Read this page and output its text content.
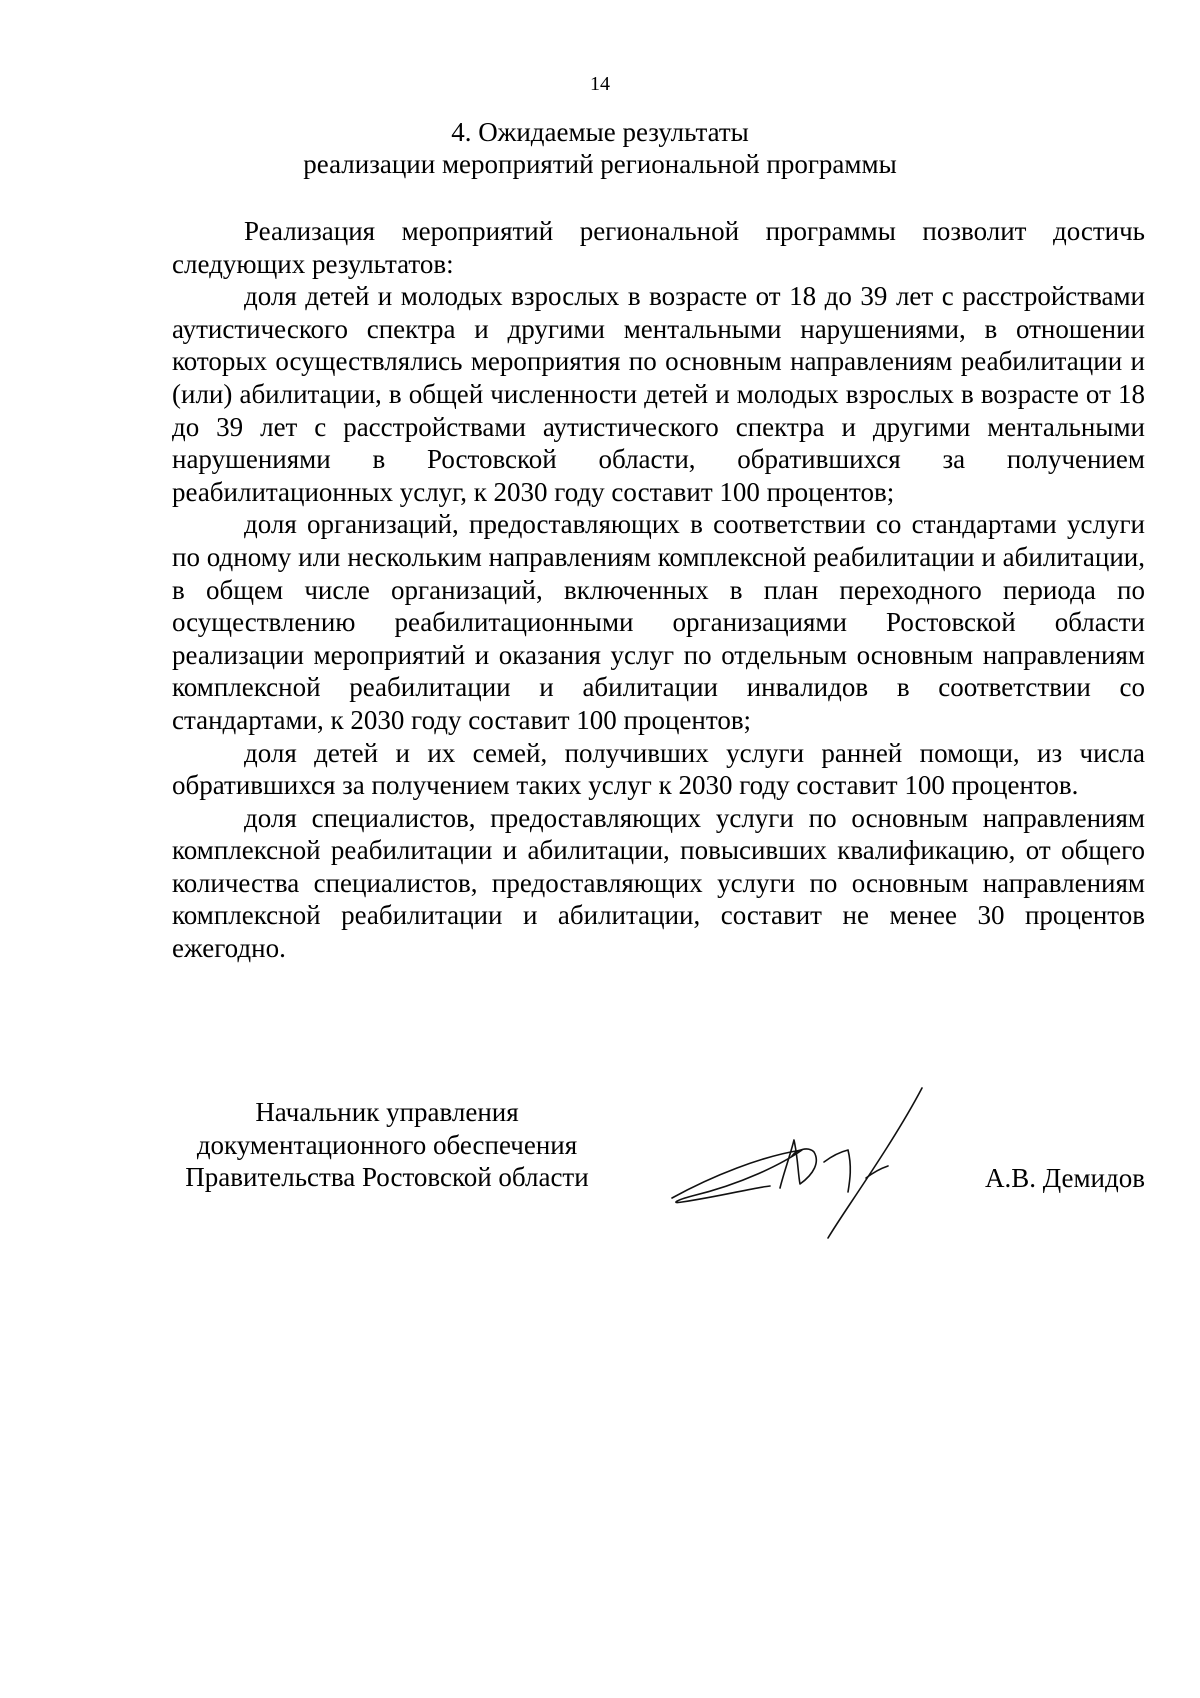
14

4. Ожидаемые результаты
реализации мероприятий региональной программы

Реализация мероприятий региональной программы позволит достичь следующих результатов:

доля детей и молодых взрослых в возрасте от 18 до 39 лет с расстройствами аутистического спектра и другими ментальными нарушениями, в отношении которых осуществлялись мероприятия по основным направлениям реабилитации и (или) абилитации, в общей численности детей и молодых взрослых в возрасте от 18 до 39 лет с расстройствами аутистического спектра и другими ментальными нарушениями в Ростовской области, обратившихся за получением реабилитационных услуг, к 2030 году составит 100 процентов;

доля организаций, предоставляющих в соответствии со стандартами услуги по одному или нескольким направлениям комплексной реабилитации и абилитации, в общем числе организаций, включенных в план переходного периода по осуществлению реабилитационными организациями Ростовской области реализации мероприятий и оказания услуг по отдельным основным направлениям комплексной реабилитации и абилитации инвалидов в соответствии со стандартами, к 2030 году составит 100 процентов;

доля детей и их семей, получивших услуги ранней помощи, из числа обратившихся за получением таких услуг к 2030 году составит 100 процентов.

доля специалистов, предоставляющих услуги по основным направлениям комплексной реабилитации и абилитации, повысивших квалификацию, от общего количества специалистов, предоставляющих услуги по основным направлениям комплексной реабилитации и абилитации, составит не менее 30 процентов ежегодно.

Начальник управления
документационного обеспечения
Правительства Ростовской области	А.В. Демидов
